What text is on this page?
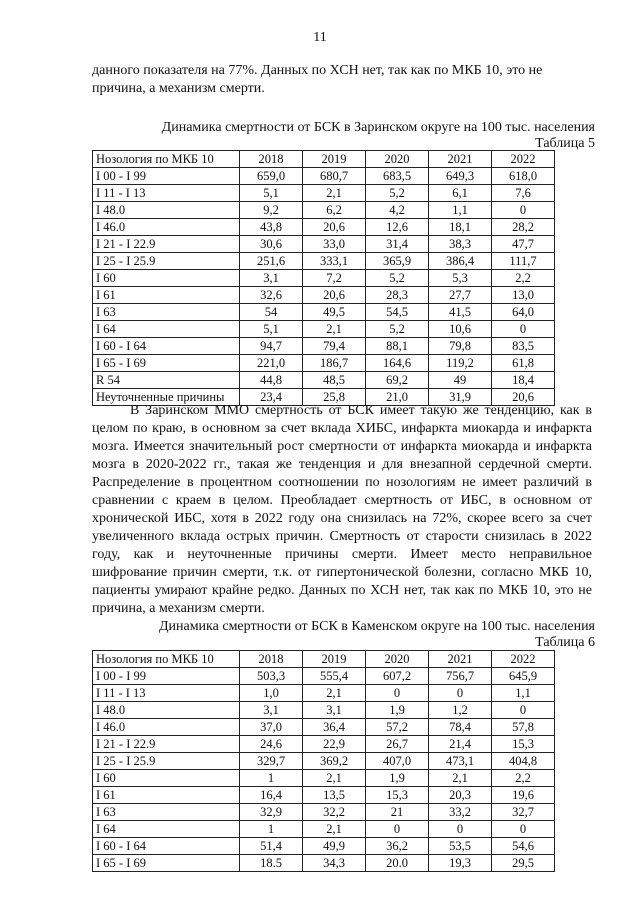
11

данного показателя на 77%. Данных по ХСН нет, так как по МКБ 10, это не
причина, а механизм смерти.

Динамика смертности от БСК в Заринском округе на 100 тыс. населения
Таблица 5
Нозология по МКБ 10	2018	2019	2020	2021	2022
I 00 - I 99	659,0	680,7	683,5	649,3	618,0
I 11 - I 13	5,1	2,1	5,2	6,1	7,6
I 48.0	9,2	6,2	4,2	1,1	0
I 46.0	43,8	20,6	12,6	18,1	28,2
I 21 - I 22.9	30,6	33,0	31,4	38,3	47,7
I 25 - I 25.9	251,6	333,1	365,9	386,4	111,7
I 60	3,1	7,2	5,2	5,3	2,2
I 61	32,6	20,6	28,3	27,7	13,0
I 63	54	49,5	54,5	41,5	64,0
I 64	5,1	2,1	5,2	10,6	0
I 60 - I 64	94,7	79,4	88,1	79,8	83,5
I 65 - I 69	221,0	186,7	164,6	119,2	61,8
R 54	44,8	48,5	69,2	49	18,4
Неуточненные причины	23,4	25,8	21,0	31,9	20,6

В Заринском ММО смертность от БСК имеет такую же тенденцию, как в
целом по краю, в основном за счет вклада ХИБС, инфаркта миокарда и инфаркта
мозга. Имеется значительный рост смертности от инфаркта миокарда и инфаркта
мозга в 2020-2022 гг., такая же тенденция и для внезапной сердечной смерти.
Распределение в процентном соотношении по нозологиям не имеет различий в
сравнении с краем в целом. Преобладает смертность от ИБС, в основном от
хронической ИБС, хотя в 2022 году она снизилась на 72%, скорее всего за счет
увеличенного вклада острых причин. Смертность от старости снизилась в 2022
году, как и неуточненные причины смерти. Имеет место неправильное
шифрование причин смерти, т.к. от гипертонической болезни, согласно МКБ 10,
пациенты умирают крайне редко. Данных по ХСН нет, так как по МКБ 10, это не
причина, а механизм смерти.

Динамика смертности от БСК в Каменском округе на 100 тыс. населения
Таблица 6
Нозология по МКБ 10	2018	2019	2020	2021	2022
I 00 - I 99	503,3	555,4	607,2	756,7	645,9
I 11 - I 13	1,0	2,1	0	0	1,1
I 48.0	3,1	3,1	1,9	1,2	0
I 46.0	37,0	36,4	57,2	78,4	57,8
I 21 - I 22.9	24,6	22,9	26,7	21,4	15,3
I 25 - I 25.9	329,7	369,2	407,0	473,1	404,8
I 60	1	2,1	1,9	2,1	2,2
I 61	16,4	13,5	15,3	20,3	19,6
I 63	32,9	32,2	21	33,2	32,7
I 64	1	2,1	0	0	0
I 60 - I 64	51,4	49,9	36,2	53,5	54,6
I 65 - I 69	18.5	34,3	20.0	19,3	29,5
